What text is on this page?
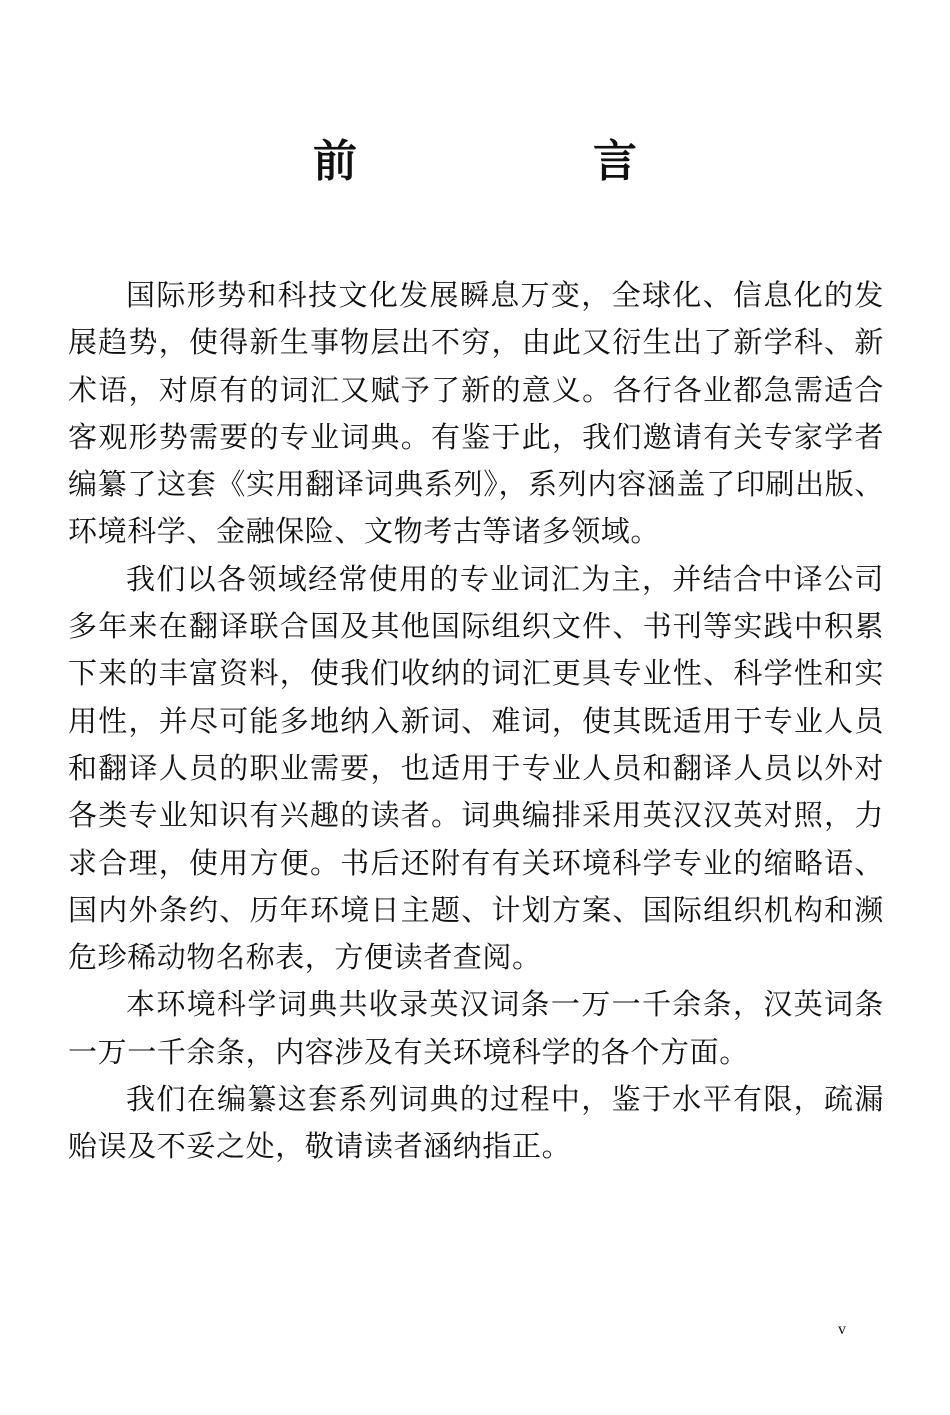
前　言

国际形势和科技文化发展瞬息万变，全球化、信息化的发展趋势，使得新生事物层出不穷，由此又衍生出了新学科、新术语，对原有的词汇又赋予了新的意义。各行各业都急需适合客观形势需要的专业词典。有鉴于此，我们邀请有关专家学者编纂了这套《实用翻译词典系列》，系列内容涵盖了印刷出版、环境科学、金融保险、文物考古等诸多领域。

我们以各领域经常使用的专业词汇为主，并结合中译公司多年来在翻译联合国及其他国际组织文件、书刊等实践中积累下来的丰富资料，使我们收纳的词汇更具专业性、科学性和实用性，并尽可能多地纳入新词、难词，使其既适用于专业人员和翻译人员的职业需要，也适用于专业人员和翻译人员以外对各类专业知识有兴趣的读者。词典编排采用英汉汉英对照，力求合理，使用方便。书后还附有有关环境科学专业的缩略语、国内外条约、历年环境日主题、计划方案、国际组织机构和濒危珍稀动物名称表，方便读者查阅。

本环境科学词典共收录英汉词条一万一千余条，汉英词条一万一千余条，内容涉及有关环境科学的各个方面。

我们在编纂这套系列词典的过程中，鉴于水平有限，疏漏贻误及不妥之处，敬请读者涵纳指正。

v
